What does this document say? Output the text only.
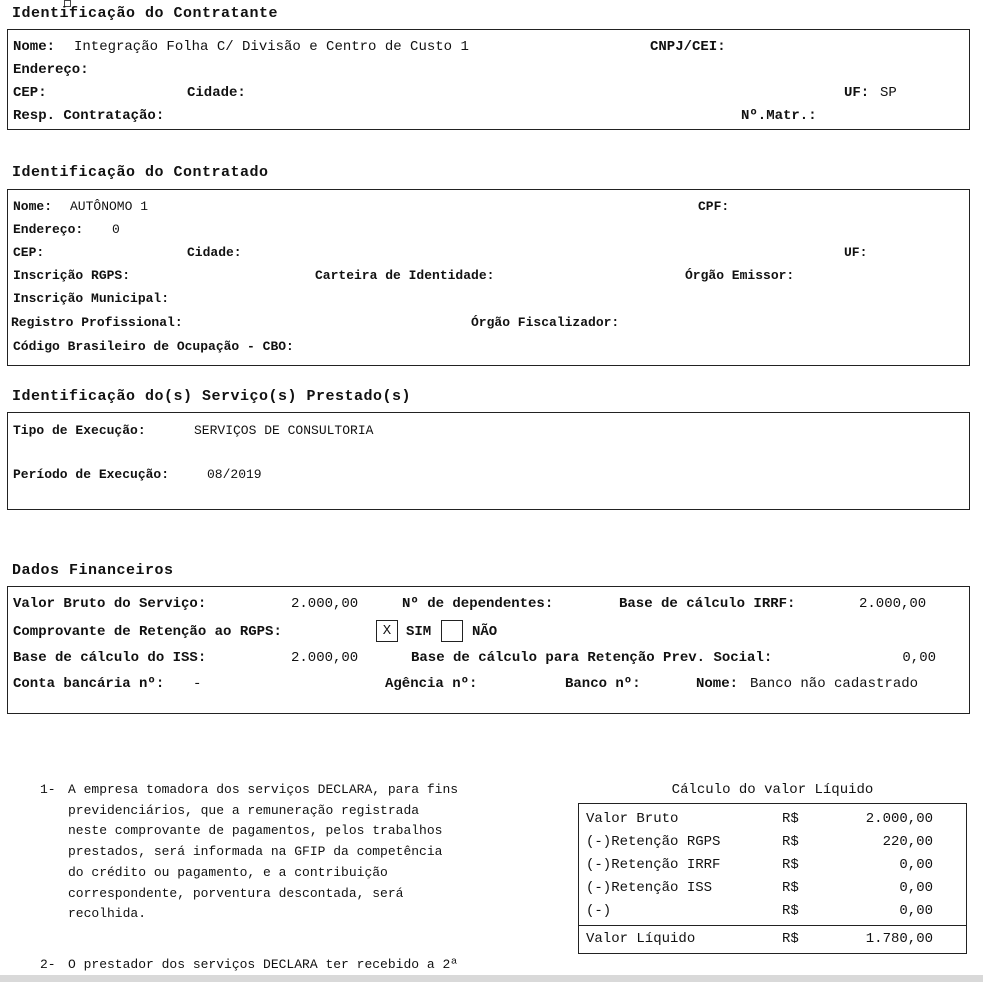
Identificação do Contratante
Nome: Integração Folha C/ Divisão e Centro de Custo 1	CNPJ/CEI:
Endereço:
CEP:	Cidade:	UF: SP
Resp. Contratação:	Nº.Matr.:
Identificação do Contratado
Nome: AUTÔNOMO 1	CPF:
Endereço: 0
CEP:	Cidade:	UF:
Inscrição RGPS:	Carteira de Identidade:	Órgão Emissor:
Inscrição Municipal:
Registro Profissional:	Órgão Fiscalizador:
Código Brasileiro de Ocupação - CBO:
Identificação do(s) Serviço(s) Prestado(s)
Tipo de Execução:	SERVIÇOS DE CONSULTORIA
Período de Execução:	08/2019
Dados Financeiros
Valor Bruto do Serviço:	2.000,00	Nº de dependentes:	Base de cálculo IRRF:	2.000,00
Comprovante de Retenção ao RGPS:	X	SIM	NÃO
Base de cálculo do ISS:	2.000,00	Base de cálculo para Retenção Prev. Social:	0,00
Conta bancária nº: -	Agência nº:	Banco nº:	Nome: Banco não cadastrado
1- A empresa tomadora dos serviços DECLARA, para fins
previdenciários, que a remuneração registrada
neste comprovante de pagamentos, pelos trabalhos
prestados, será informada na GFIP da competência
do crédito ou pagamento, e a contribuição
correspondente, porventura descontada, será
recolhida.
2- O prestador dos serviços DECLARA ter recebido a 2ª
Cálculo do valor Líquido
Valor Bruto	R$	2.000,00
(-)Retenção RGPS	R$	220,00
(-)Retenção IRRF	R$	0,00
(-)Retenção ISS	R$	0,00
(-)	R$	0,00
Valor Líquido	R$	1.780,00
